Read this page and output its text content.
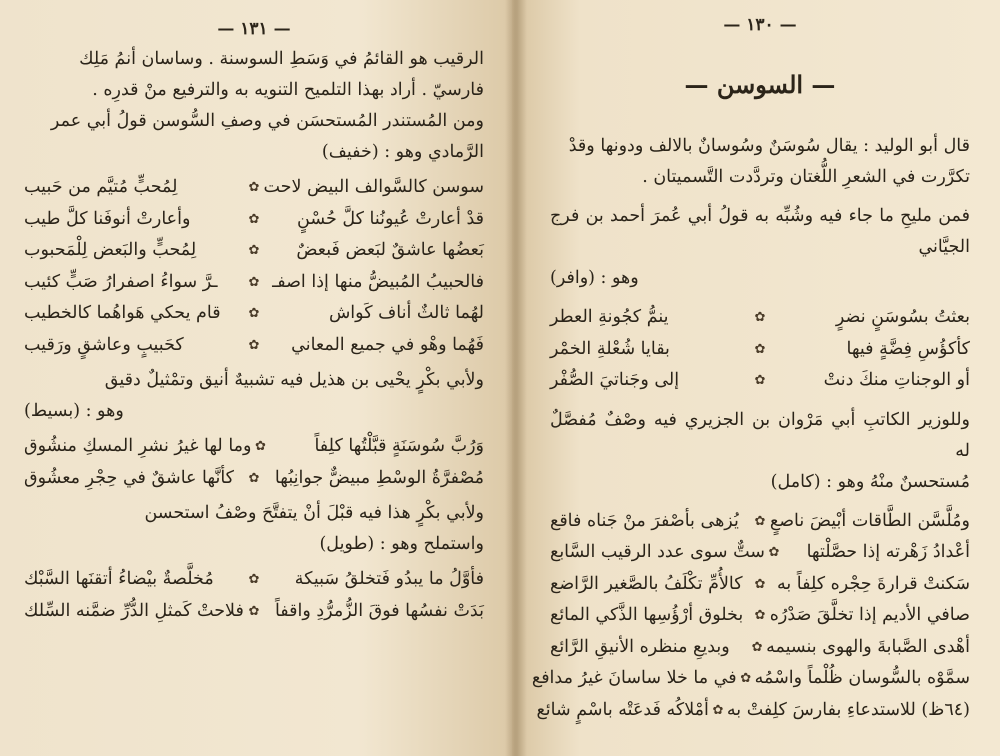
— ١٣١ —

الرقيب هو القائمُ في وَسَطِ السوسنة . وساسان أنمُ مَلِك

فارسيّ . أراد بهذا التلميح التنويه به والترفيع منْ قدرِه .

ومن المُستندر المُستحسَن في وصفِ السُّوسن قولُ أبي عمر

الرَّمادي وهو : (خفيف)

سوسن كالسَّوالف البيض لاحت
✿
لِمُحبٍّ مُتيَّم من حَبيب
قدْ أعارتْ عُيونُنا كلَّ حُسْنٍ
✿
وأعارتْ أنوفَنا كلَّ طيب
بَعضُها عاشقٌ لبَعض فَبعضٌ
✿
لِمُحبٍّ والبَعض لِلْمَحبوب
فالحبيبُ المُبيضُّ منها إذا اصفـ
✿
ـرَّ سواءُ اصفرارُ صَبٍّ كئيب
لهُما ثالثٌ أناف كَواش
✿
قام يحكي هَواهُما كالخطيب
فَهُما وهْو في جميع المعاني
✿
كحَبيبٍ وعاشقٍ ورَقيب

ولأبي بكْرٍ يحْيى بن هذيل فيه تشبيهٌ أنيق وتمْثيلٌ دقيق

وهو : (بسيط)

وَرُبَّ سُوسَنَةٍ قبَّلْتُها كلِفاً
✿
وما لها غيرُ نشرِ المسكِ منشُوق
مُصْفرَّةُ الوسْطِ مبيضٌّ جوانِبُها
✿
كأنَّها عاشقٌ في حِجْرِ معشُوق

ولأبي بكْرٍ هذا فيه قبْلَ أنْ يتفتَّحَ وصْفُ استحسن

واستملح وهو : (طويل)

فأوَّلُ ما يبدُو فَتخلقُ سَبيكة
✿
مُخلَّصةٌ بيْضاءُ أتقنَها السَّبْك
بَدَتْ نفسُها فوقَ الزُّمرُّدِ واقفاً
✿
فلاحتْ كَمثلِ الدُّرِّ ضمَّنه السِّلك
— ١٣٠ —
— السوسن —

قال أبو الوليد : يقال سُوسَنٌ وسُوسانٌ بالالف ودونها وقدْ

تكرَّرت في الشعرِ اللُّغتان وتردَّدت التَّسميتان .

فمن مليحِ ما جاء فيه وشُبِّه به قولُ أبي عُمرَ أحمد بن فرج الجيَّاني

وهو : (وافر)

بعثتُ بسُوسَنٍ نضرٍ
✿
ينمُّ كجُونةِ العطر
كأكؤُسِ فِضَّةٍ فيها
✿
بقايا شُعْلةِ الخمْر
أو الوجناتِ منكَ دنتْ
✿
إلى وجَناتيَ الصُّفْر

وللوزير الكاتبِ أبي مَرْوان بن الجزيري فيه وصْفٌ مُفصَّلٌ له

مُستحسنٌ منْهُ وهو : (كامل)

ومُلَّسَّن الطَّاقات أبْيضَ ناصعٍ
✿
يُزهى بأصْفرَ منْ جَناه فاقع
أعْدادُ زَهْرته إذا حصَّلْتها
✿
ستٌّ سوى عدد الرقيب السَّابع
سَكنتْ قرارةَ حِجْره كلِفاً به
✿
كالأُمِّ تكْلَفُ بالصَّغير الرَّاضع
صافي الأديم إذا تخلَّقَ صَدْرُه
✿
بخلوق أرْؤُسِها الذَّكي المائع
أهْدى الصَّبابةَ والهوى بنسيمه
✿
وبديعِ منظره الأنيقِ الرَّائع
سمَّوْه بالسُّوسان ظُلْماً واسْمُه
✿
في ما خلا ساسانَ غيرُ مدافع
(٦٤ظ) للاستدعاءِ بفارسَ كلِفتْ به
✿
أمْلاكُه فَدعَتْه باسْمٍ شائع
